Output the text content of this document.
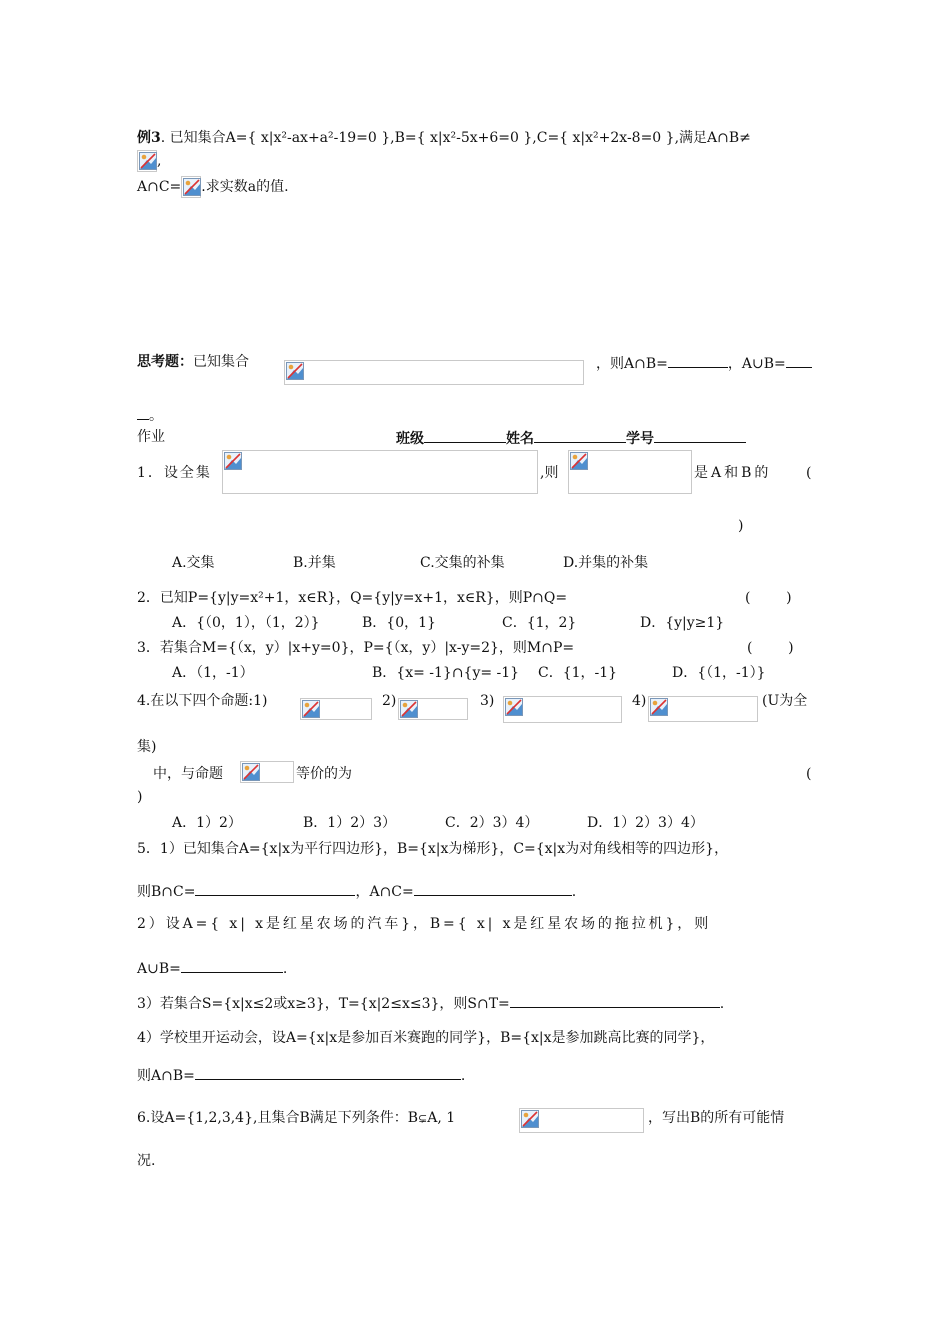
例3. 已知集合A={ x|x²-ax+a²-19=0 },B={ x|x²-5x+6=0 },C={ x|x²+2x-8=0 },满足A∩B≠
,
A∩C= .求实数a的值.
思考题：已知集合	，则A∩B=	，A∪B=
。
作业	班级	姓名	学号
1．设全集	,则	是A和B的 (
)
A.交集	B.并集	C.交集的补集	D.并集的补集
2．已知P={y|y=x²+1，x∈R}，Q={y|y=x+1，x∈R}，则P∩Q=	(        )
A．{（0，1），（1，2）}	B．{0，1}	C．{1，2}	D．{y|y≥1}
3．若集合M={（x，y）|x+y=0}，P={（x，y）|x-y=2}，则M∩P=	(        )
A．（1，-1）	B．{x= -1}∩{y= -1} C．{1，-1}	D．{（1，-1）}
4.在以下四个命题:1)	2)	3)	4)	(U为全
集)
中，与命题	等价的为	(
)
A．1）2）	B．1）2）3）	C．2）3）4）	D．1）2）3）4）
5．1）已知集合A={x|x为平行四边形}，B={x|x为梯形}，C={x|x为对角线相等的四边形}，
则B∩C=	，A∩C=	.
2）设A={ x| x是红星农场的汽车}，B={ x| x是红星农场的拖拉机}，则
A∪B=	.
3）若集合S={x|x≤2或x≥3}，T={x|2≤x≤3}，则S∩T=	.
4）学校里开运动会，设A={x|x是参加百米赛跑的同学}，B={x|x是参加跳高比赛的同学}，
则A∩B=	.
6.设A={1,2,3,4},且集合B满足下列条件：B⊊A, 1	，写出B的所有可能情
况.
